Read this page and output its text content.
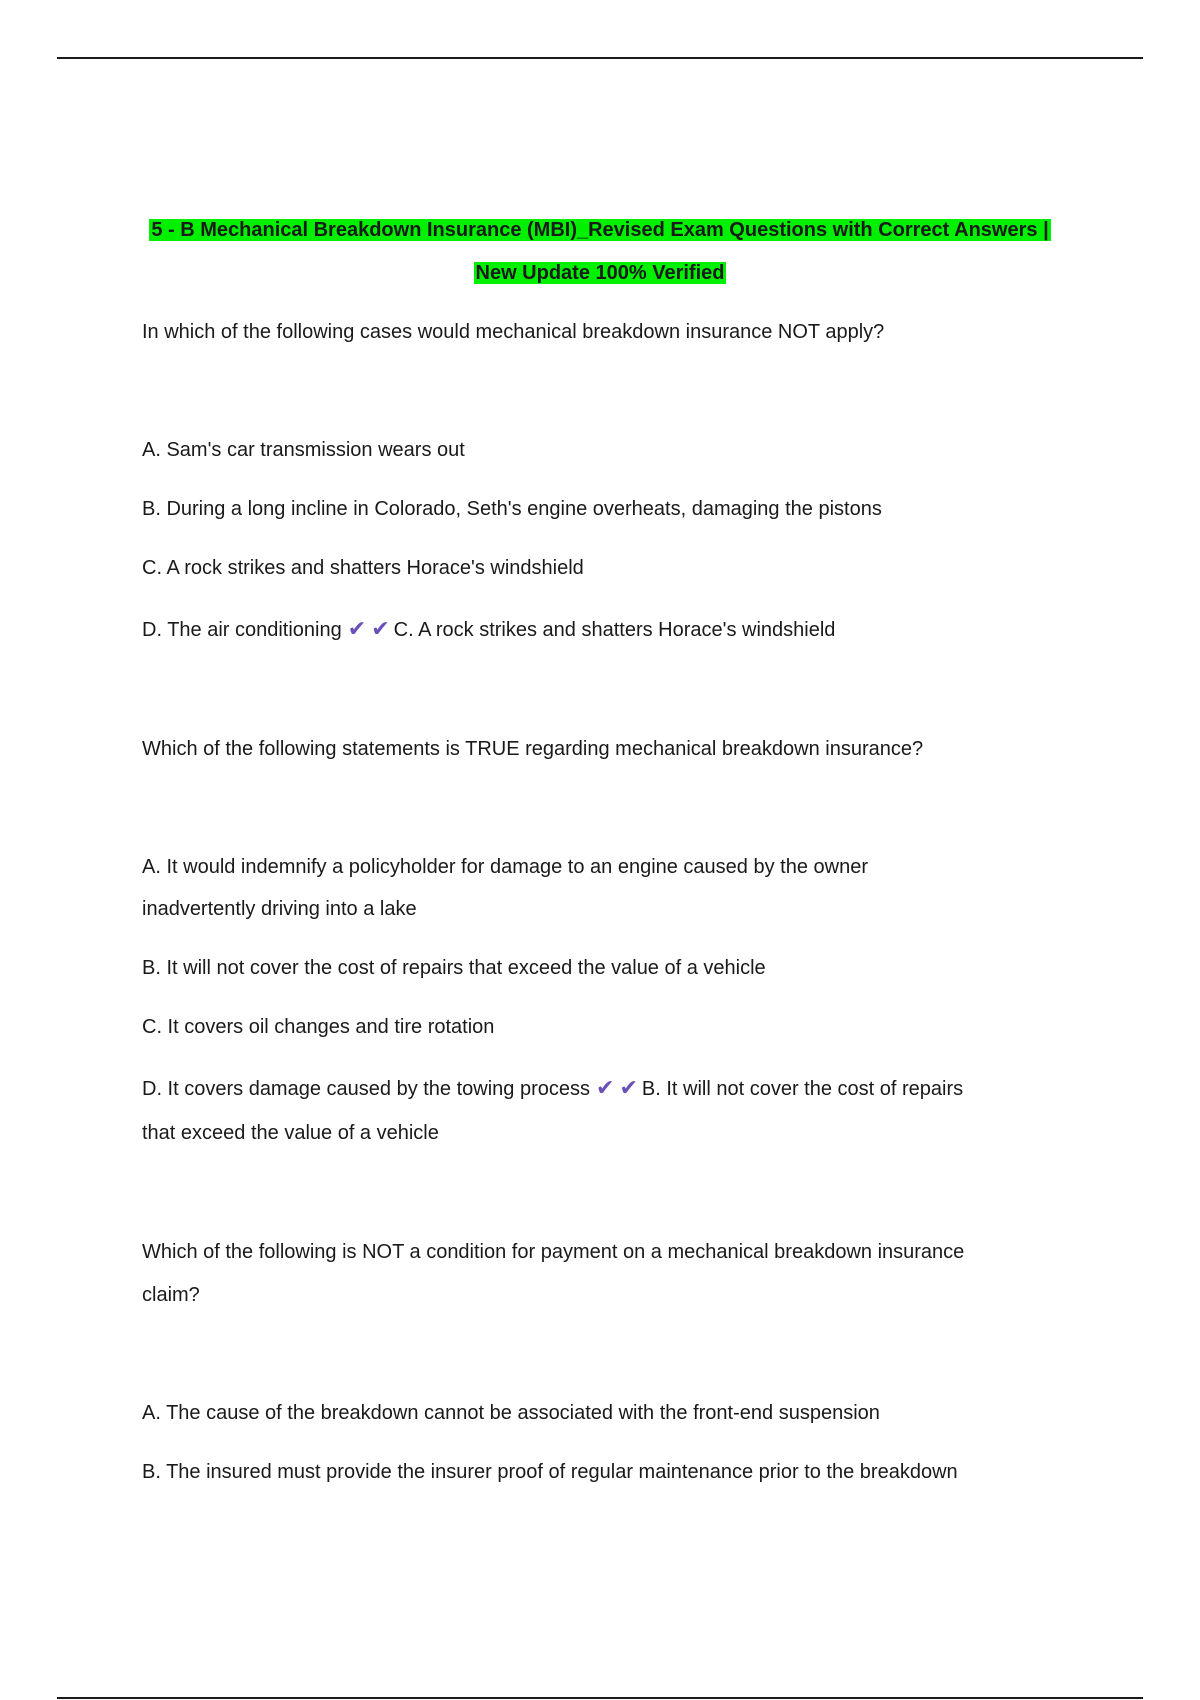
5 - B Mechanical Breakdown Insurance (MBI)_Revised Exam Questions with Correct Answers |
New Update 100% Verified
In which of the following cases would mechanical breakdown insurance NOT apply?
A. Sam's car transmission wears out
B. During a long incline in Colorado, Seth's engine overheats, damaging the pistons
C. A rock strikes and shatters Horace's windshield
D. The air conditioning ✔ ✔ C. A rock strikes and shatters Horace's windshield
Which of the following statements is TRUE regarding mechanical breakdown insurance?
A. It would indemnify a policyholder for damage to an engine caused by the owner
inadvertently driving into a lake
B. It will not cover the cost of repairs that exceed the value of a vehicle
C. It covers oil changes and tire rotation
D. It covers damage caused by the towing process ✔ ✔ B. It will not cover the cost of repairs
that exceed the value of a vehicle
Which of the following is NOT a condition for payment on a mechanical breakdown insurance
claim?
A. The cause of the breakdown cannot be associated with the front-end suspension
B. The insured must provide the insurer proof of regular maintenance prior to the breakdown
